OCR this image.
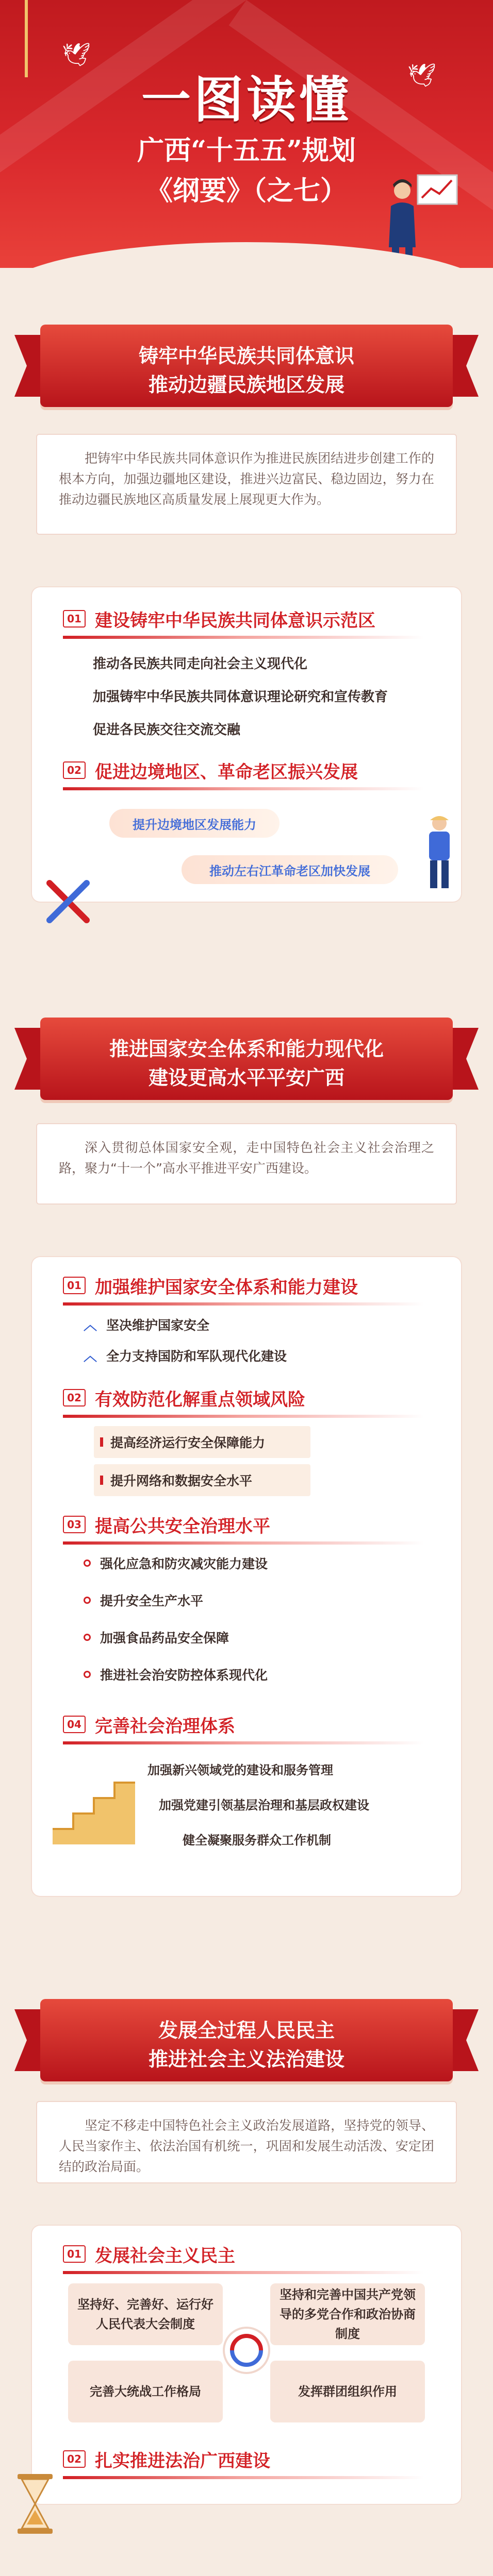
🕊
🕊
一图读懂
广西“十五五”规划
《纲要》（之七）
铸牢中华民族共同体意识
推动边疆民族地区发展
把铸牢中华民族共同体意识作为推进民族团结进步创建工作的根本方向，加强边疆地区建设，推进兴边富民、稳边固边，努力在推动边疆民族地区高质量发展上展现更大作为。
01 建设铸牢中华民族共同体意识示范区
推动各民族共同走向社会主义现代化
加强铸牢中华民族共同体意识理论研究和宣传教育
促进各民族交往交流交融
02 促进边境地区、革命老区振兴发展
提升边境地区发展能力
推动左右江革命老区加快发展
推进国家安全体系和能力现代化
建设更高水平平安广西
深入贯彻总体国家安全观，走中国特色社会主义社会治理之路，聚力“十一个”高水平推进平安广西建设。
01 加强维护国家安全体系和能力建设
︿ 坚决维护国家安全
︿ 全力支持国防和军队现代化建设
02 有效防范化解重点领域风险
提高经济运行安全保障能力
提升网络和数据安全水平
03 提高公共安全治理水平
强化应急和防灾减灾能力建设
提升安全生产水平
加强食品药品安全保障
推进社会治安防控体系现代化
04 完善社会治理体系
加强新兴领域党的建设和服务管理
加强党建引领基层治理和基层政权建设
健全凝聚服务群众工作机制
发展全过程人民民主
推进社会主义法治建设
坚定不移走中国特色社会主义政治发展道路，坚持党的领导、人民当家作主、依法治国有机统一，巩固和发展生动活泼、安定团结的政治局面。
01 发展社会主义民主
坚持好、完善好、运行好人民代表大会制度
坚持和完善中国共产党领导的多党合作和政治协商制度
完善大统战工作格局	发挥群团组织作用
02 扎实推进法治广西建设
